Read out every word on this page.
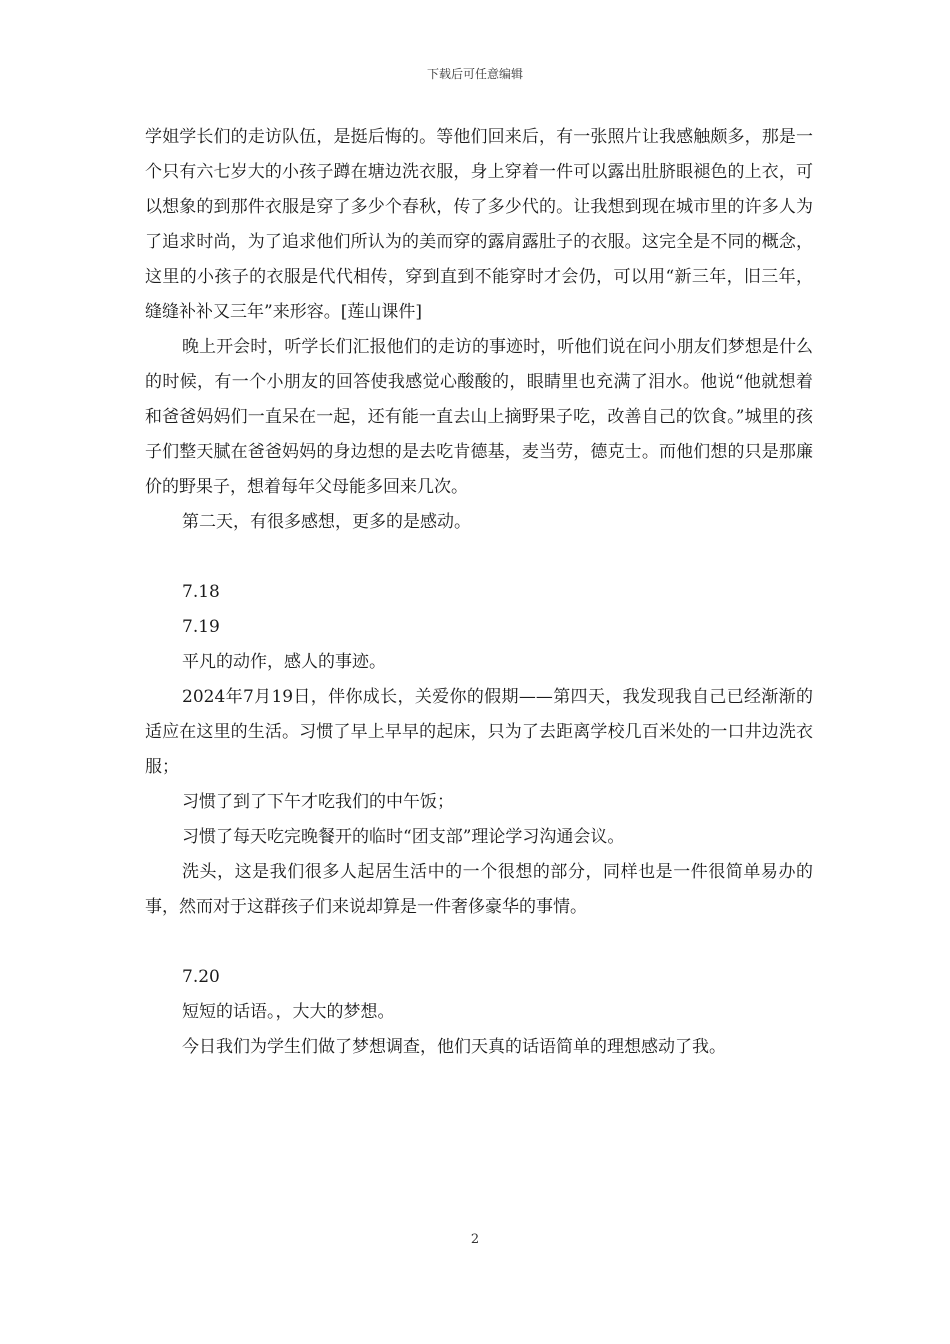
下载后可任意编辑

学姐学长们的走访队伍，是挺后悔的。等他们回来后，有一张照片让我感触颇多，那是一个只有六七岁大的小孩子蹲在塘边洗衣服，身上穿着一件可以露出肚脐眼褪色的上衣，可以想象的到那件衣服是穿了多少个春秋，传了多少代的。让我想到现在城市里的许多人为了追求时尚，为了追求他们所认为的美而穿的露肩露肚子的衣服。这完全是不同的概念，这里的小孩子的衣服是代代相传，穿到直到不能穿时才会仍，可以用“新三年，旧三年，缝缝补补又三年”来形容。[莲山课件]

晚上开会时，听学长们汇报他们的走访的事迹时，听他们说在问小朋友们梦想是什么的时候，有一个小朋友的回答使我感觉心酸酸的，眼睛里也充满了泪水。他说“他就想着和爸爸妈妈们一直呆在一起，还有能一直去山上摘野果子吃，改善自己的饮食。”城里的孩子们整天腻在爸爸妈妈的身边想的是去吃肯德基，麦当劳，德克士。而他们想的只是那廉价的野果子，想着每年父母能多回来几次。

第二天，有很多感想，更多的是感动。

7.18

7.19

平凡的动作，感人的事迹。

2024年7月19日，伴你成长，关爱你的假期——第四天，我发现我自己已经渐渐的适应在这里的生活。习惯了早上早早的起床，只为了去距离学校几百米处的一口井边洗衣服；

习惯了到了下午才吃我们的中午饭；

习惯了每天吃完晚餐开的临时“团支部”理论学习沟通会议。

洗头，这是我们很多人起居生活中的一个很想的部分，同样也是一件很简单易办的事，然而对于这群孩子们来说却算是一件奢侈豪华的事情。

7.20

短短的话语。，大大的梦想。

今日我们为学生们做了梦想调查，他们天真的话语简单的理想感动了我。

2
